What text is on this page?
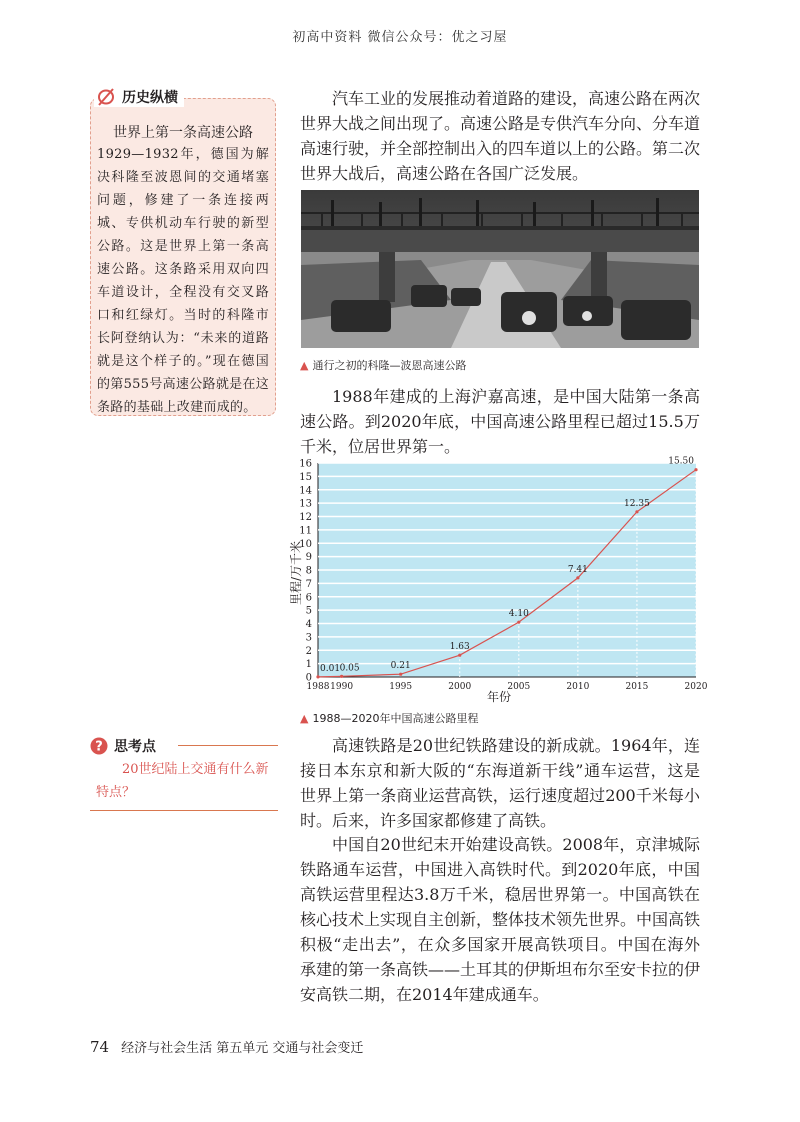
初高中资料 微信公众号：优之习屋
历史纵横
世界上第一条高速公路
1929—1932年，德国为解决科隆至波恩间的交通堵塞问题，修建了一条连接两城、专供机动车行驶的新型公路。这是世界上第一条高速公路。这条路采用双向四车道设计，全程没有交叉路口和红绿灯。当时的科隆市长阿登纳认为：“未来的道路就是这个样子的。”现在德国的第555号高速公路就是在这条路的基础上改建而成的。
? 思考点
20世纪陆上交通有什么新特点？
汽车工业的发展推动着道路的建设，高速公路在两次世界大战之间出现了。高速公路是专供汽车分向、分车道高速行驶，并全部控制出入的四车道以上的公路。第二次世界大战后，高速公路在各国广泛发展。
▲ 通行之初的科隆—波恩高速公路
1988年建成的上海沪嘉高速，是中国大陆第一条高速公路。到2020年底，中国高速公路里程已超过15.5万千米，位居世界第一。
0
1
2
3
4
5
6
7
8
9
10
11
12
13
14
15
16
1988 1990	1995	2000	2005	2010	2015	2020
0.01 0.05	0.21
1.63
4.10
7.41
12.35
15.50
里程/万千米
年份
▲ 1988—2020年中国高速公路里程
高速铁路是20世纪铁路建设的新成就。1964年，连接日本东京和新大阪的“东海道新干线”通车运营，这是世界上第一条商业运营高铁，运行速度超过200千米每小时。后来，许多国家都修建了高铁。
中国自20世纪末开始建设高铁。2008年，京津城际铁路通车运营，中国进入高铁时代。到2020年底，中国高铁运营里程达3.8万千米，稳居世界第一。中国高铁在核心技术上实现自主创新，整体技术领先世界。中国高铁积极“走出去”，在众多国家开展高铁项目。中国在海外承建的第一条高铁——土耳其的伊斯坦布尔至安卡拉的伊安高铁二期，在2014年建成通车。
74 经济与社会生活 第五单元 交通与社会变迁
